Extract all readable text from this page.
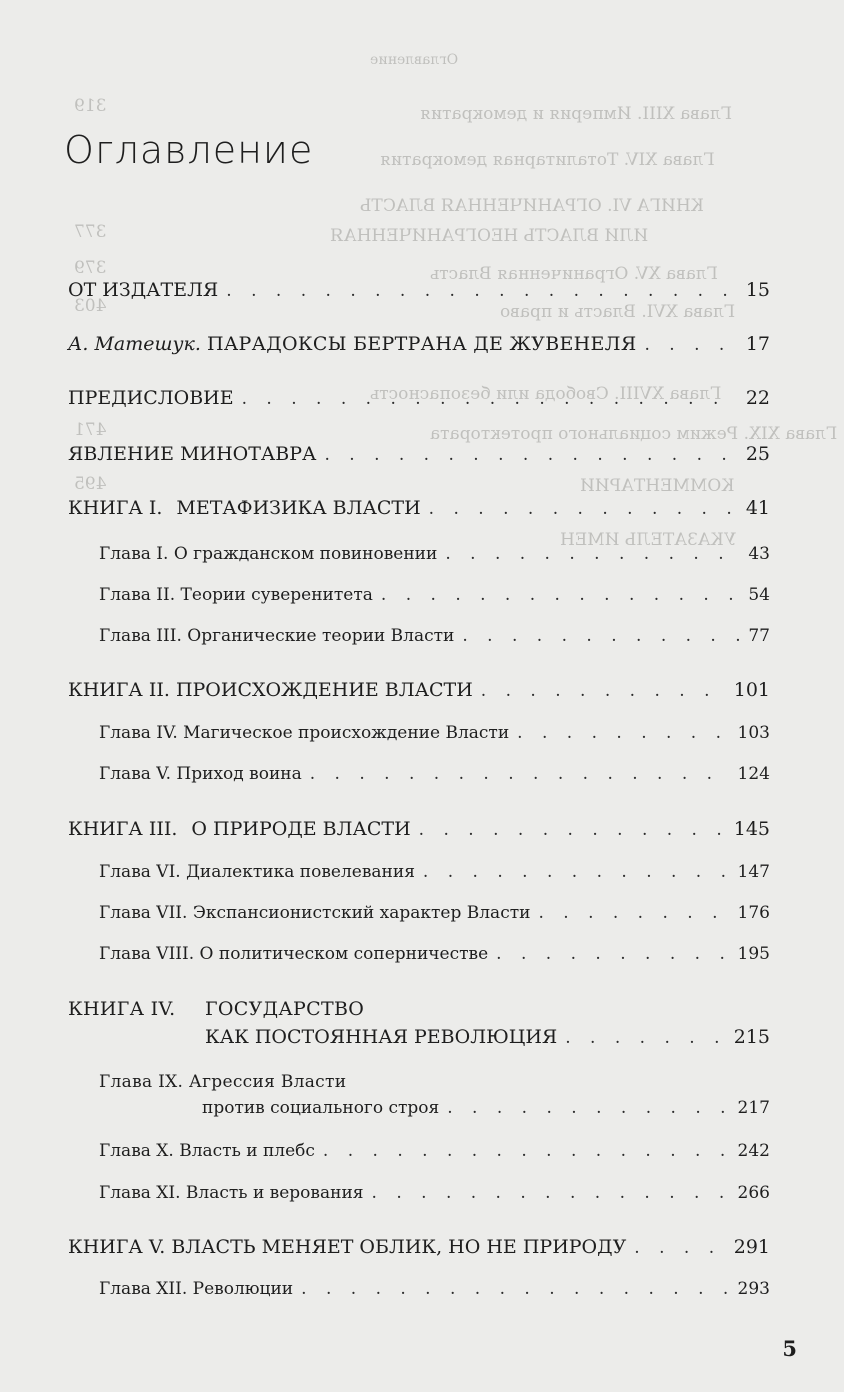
Оглавление
Глава XIII. Империя и демократия
Глава XIV. Тоталитарная демократия
КНИГА VI. ОГРАНИЧЕННАЯ ВЛАСТЬ
ИЛИ ВЛАСТЬ НЕОГРАНИЧЕННАЯ
Глава XV. Ограниченная Власть
Глава XVI. Власть и право
Глава XVIII. Свобода или безопасность
Глава XIX. Режим социального протектората
КОММЕНТАРИИ
УКАЗАТЕЛЬ ИМЕН
319
377
379
403
471
495
Оглавление
ОТ ИЗДАТЕЛЯ . . .	15
А. Матешук. ПАРАДОКСЫ БЕРТРАНА ДЕ ЖУВЕНЕЛЯ . . .	17
ПРЕДИСЛОВИЕ . . .	22
ЯВЛЕНИЕ МИНОТАВРА . . .	25
КНИГА I. МЕТАФИЗИКА ВЛАСТИ . . .	41
Глава I. О гражданском повиновении . . .	43
Глава II. Теории суверенитета . . .	54
Глава III. Органические теории Власти . . .	77
КНИГА II. ПРОИСХОЖДЕНИЕ ВЛАСТИ . . .	101
Глава IV. Магическое происхождение Власти . . .	103
Глава V. Приход воина . . .	124
КНИГА III. О ПРИРОДЕ ВЛАСТИ . . .	145
Глава VI. Диалектика повелевания . . .	147
Глава VII. Экспансионистский характер Власти . . .	176
Глава VIII. О политическом соперничестве . . .	195
КНИГА IV. ГОСУДАРСТВО
КАК ПОСТОЯННАЯ РЕВОЛЮЦИЯ . . .	215
Глава IX. Агрессия Власти
против социального строя . . .	217
Глава X. Власть и плебс . . .	242
Глава XI. Власть и верования . . .	266
КНИГА V. ВЛАСТЬ МЕНЯЕТ ОБЛИК, НО НЕ ПРИРОДУ . . .	291
Глава XII. Революции . . .	293
5
